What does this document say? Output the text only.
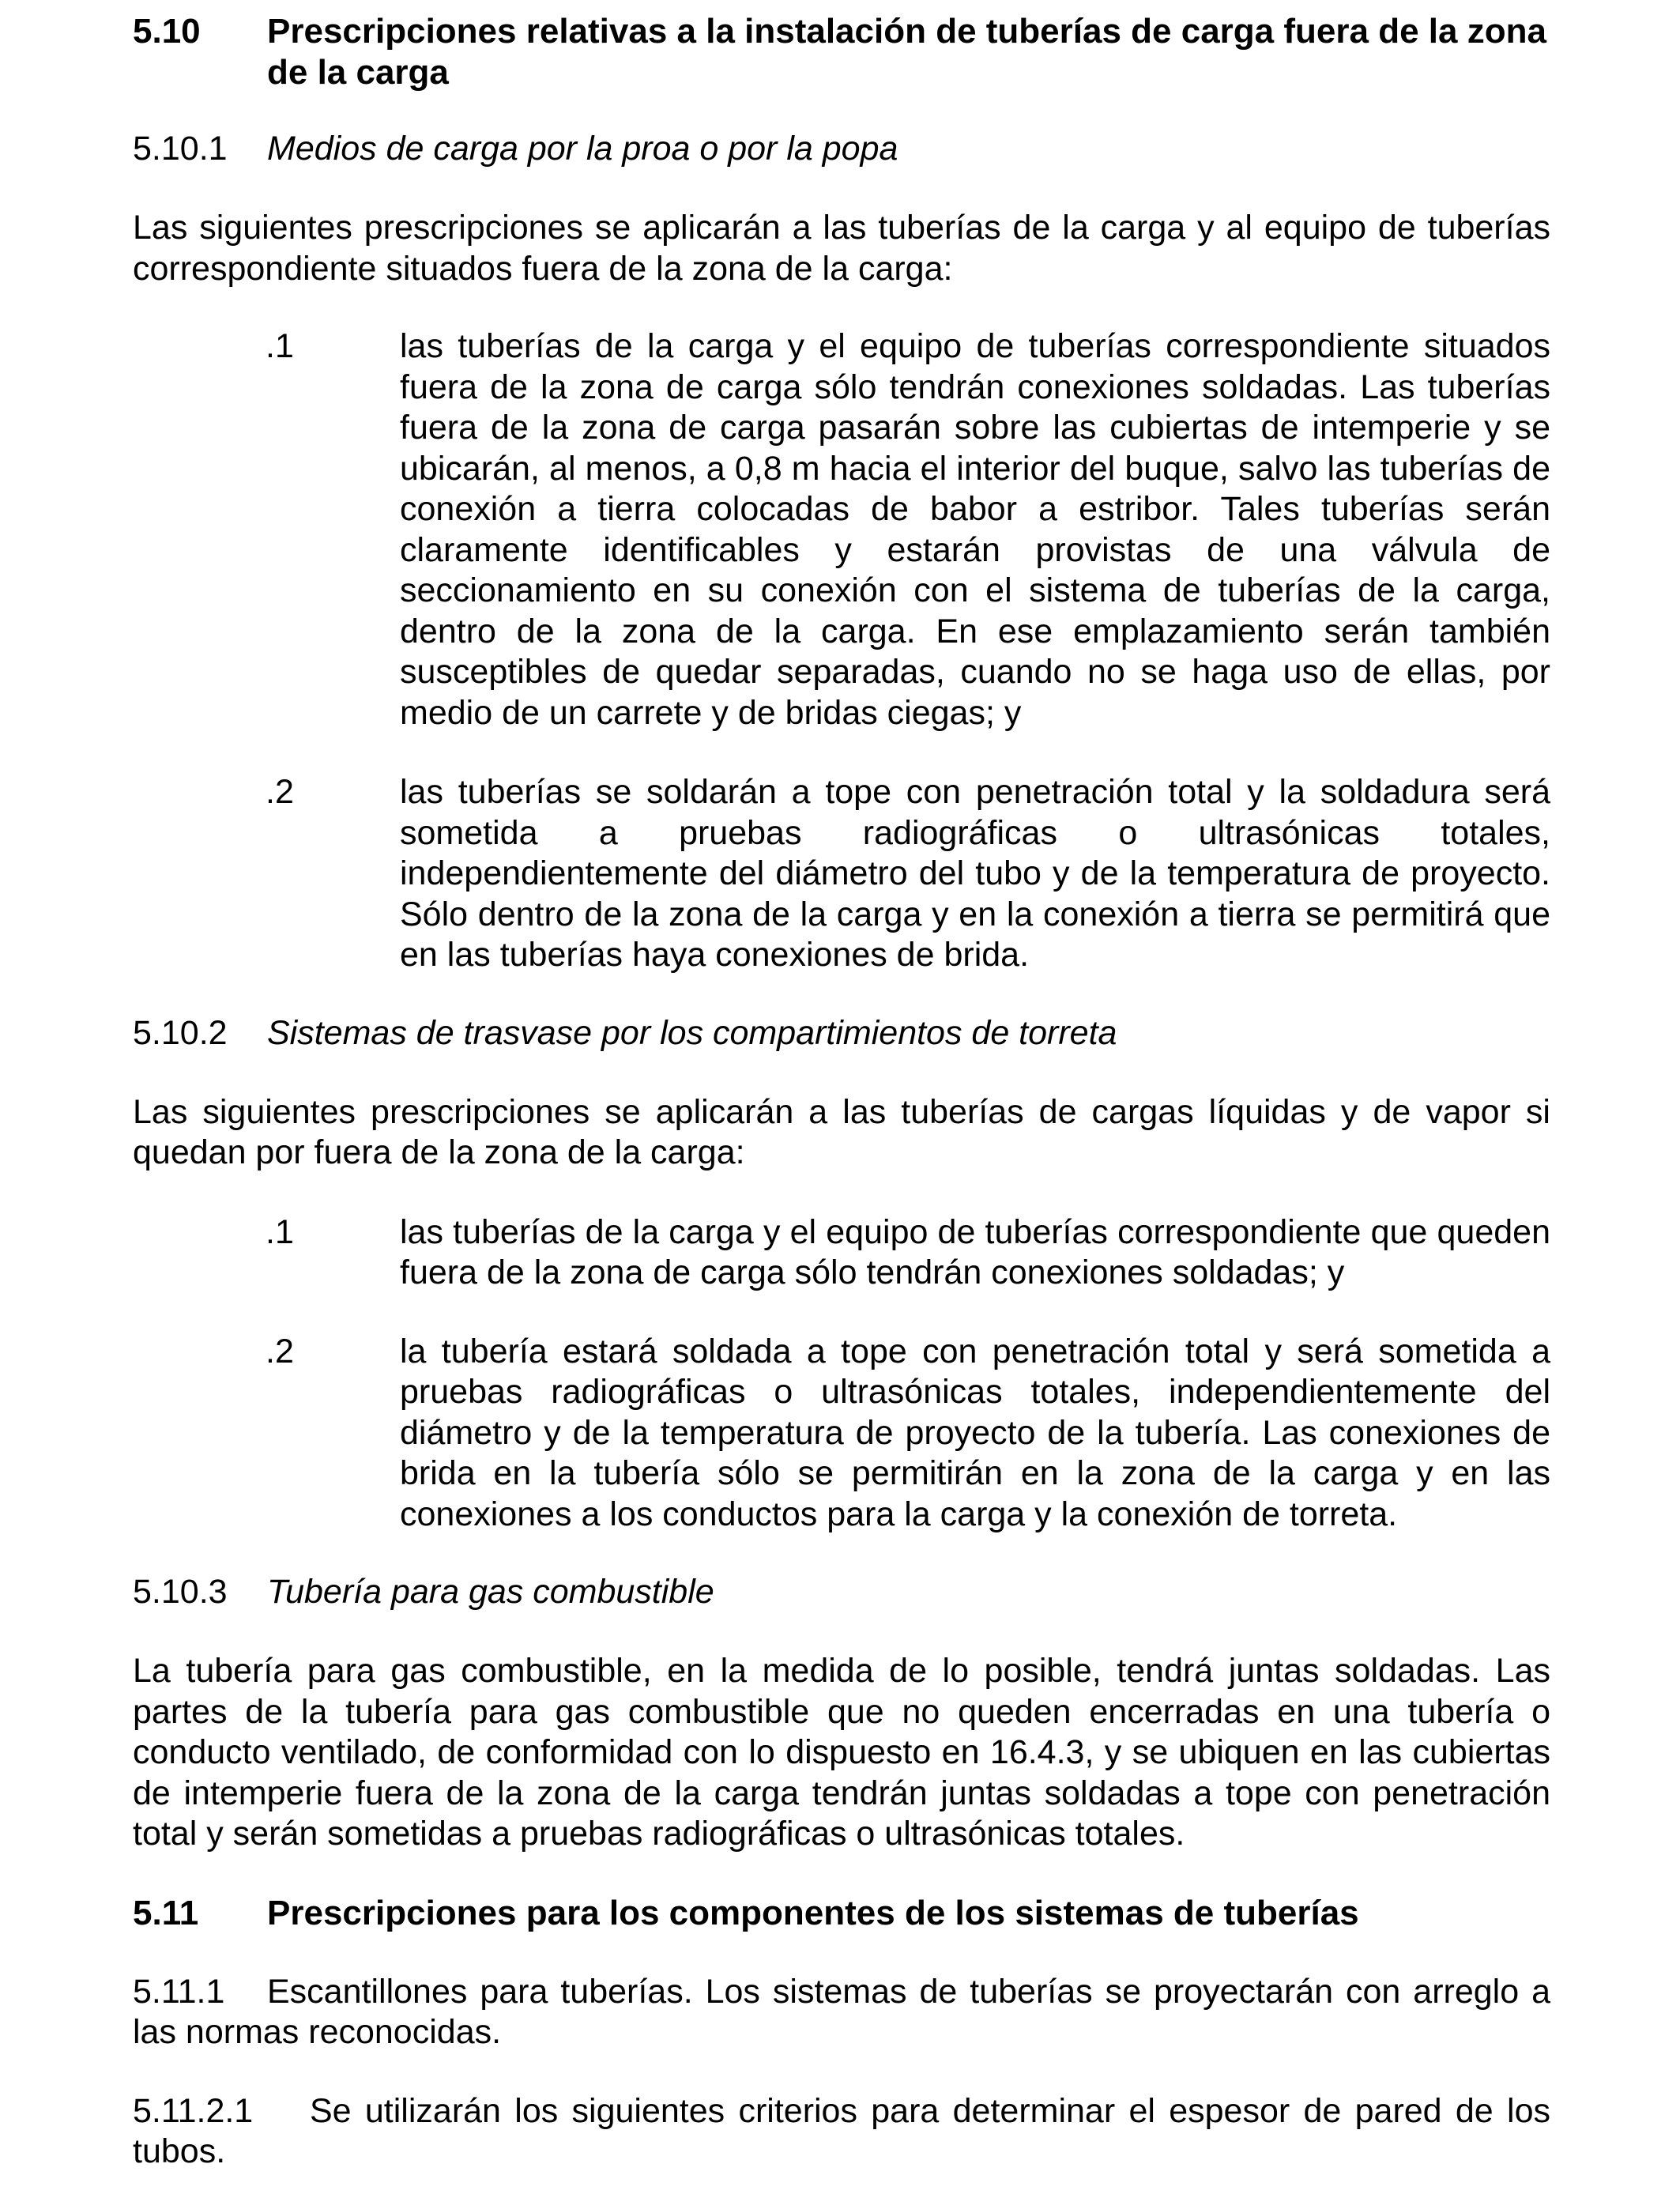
5.10	Prescripciones relativas a la instalación de tuberías de carga fuera de la zona de la carga
5.10.1	Medios de carga por la proa o por la popa
Las siguientes prescripciones se aplicarán a las tuberías de la carga y al equipo de tuberías correspondiente situados fuera de la zona de la carga:
.1	las tuberías de la carga y el equipo de tuberías correspondiente situados fuera de la zona de carga sólo tendrán conexiones soldadas. Las tuberías fuera de la zona de carga pasarán sobre las cubiertas de intemperie y se ubicarán, al menos, a 0,8 m hacia el interior del buque, salvo las tuberías de conexión a tierra colocadas de babor a estribor. Tales tuberías serán claramente identificables y estarán provistas de una válvula de seccionamiento en su conexión con el sistema de tuberías de la carga, dentro de la zona de la carga. En ese emplazamiento serán también susceptibles de quedar separadas, cuando no se haga uso de ellas, por medio de un carrete y de bridas ciegas; y
.2	las tuberías se soldarán a tope con penetración total y la soldadura será sometida a pruebas radiográficas o ultrasónicas totales, independientemente del diámetro del tubo y de la temperatura de proyecto. Sólo dentro de la zona de la carga y en la conexión a tierra se permitirá que en las tuberías haya conexiones de brida.
5.10.2	Sistemas de trasvase por los compartimientos de torreta
Las siguientes prescripciones se aplicarán a las tuberías de cargas líquidas y de vapor si quedan por fuera de la zona de la carga:
.1	las tuberías de la carga y el equipo de tuberías correspondiente que queden fuera de la zona de carga sólo tendrán conexiones soldadas; y
.2	la tubería estará soldada a tope con penetración total y será sometida a pruebas radiográficas o ultrasónicas totales, independientemente del diámetro y de la temperatura de proyecto de la tubería. Las conexiones de brida en la tubería sólo se permitirán en la zona de la carga y en las conexiones a los conductos para la carga y la conexión de torreta.
5.10.3	Tubería para gas combustible
La tubería para gas combustible, en la medida de lo posible, tendrá juntas soldadas. Las partes de la tubería para gas combustible que no queden encerradas en una tubería o conducto ventilado, de conformidad con lo dispuesto en 16.4.3, y se ubiquen en las cubiertas de intemperie fuera de la zona de la carga tendrán juntas soldadas a tope con penetración total y serán sometidas a pruebas radiográficas o ultrasónicas totales.
5.11	Prescripciones para los componentes de los sistemas de tuberías
5.11.1 Escantillones para tuberías. Los sistemas de tuberías se proyectarán con arreglo a las normas reconocidas.
5.11.2.1 Se utilizarán los siguientes criterios para determinar el espesor de pared de los tubos.
